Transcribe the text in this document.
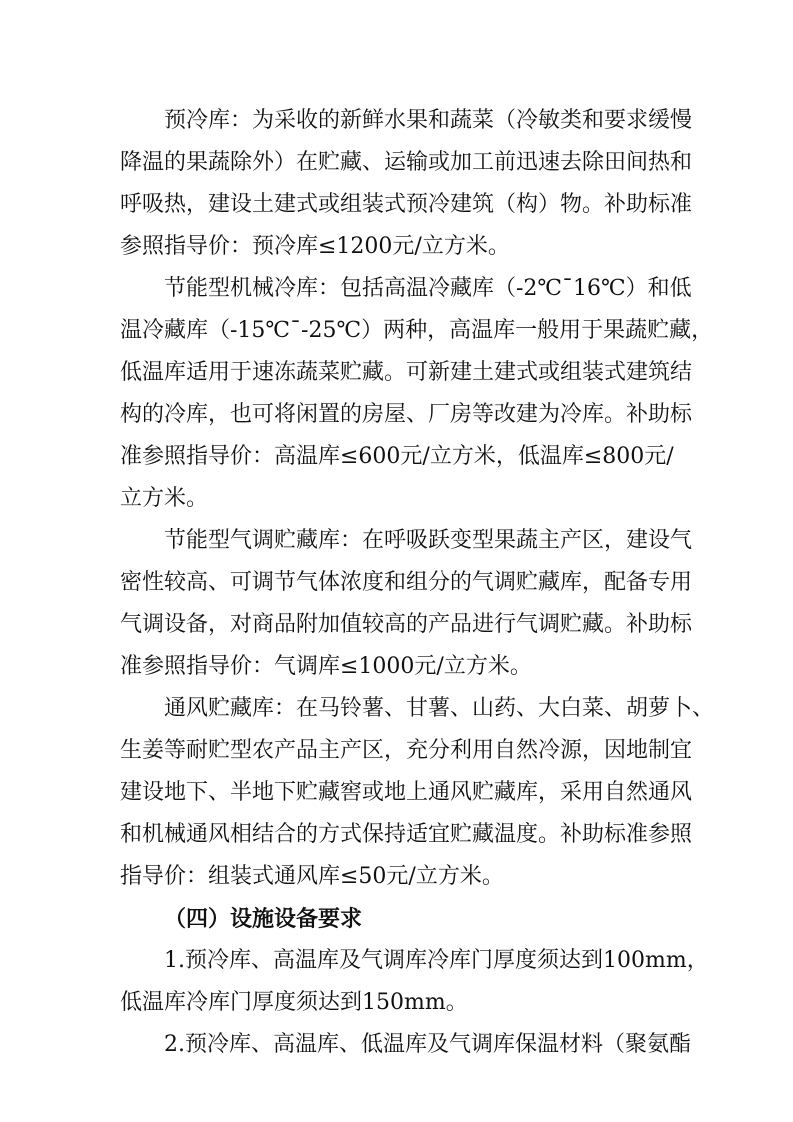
预冷库：为采收的新鲜水果和蔬菜（冷敏类和要求缓慢
降温的果蔬除外）在贮藏、运输或加工前迅速去除田间热和
呼吸热，建设土建式或组装式预冷建筑（构）物。补助标准
参照指导价：预冷库≤1200元/立方米。
节能型机械冷库：包括高温冷藏库（-2℃¯16℃）和低
温冷藏库（-15℃¯-25℃）两种，高温库一般用于果蔬贮藏，
低温库适用于速冻蔬菜贮藏。可新建土建式或组装式建筑结
构的冷库，也可将闲置的房屋、厂房等改建为冷库。补助标
准参照指导价：高温库≤600元/立方米，低温库≤800元/
立方米。
节能型气调贮藏库：在呼吸跃变型果蔬主产区，建设气
密性较高、可调节气体浓度和组分的气调贮藏库，配备专用
气调设备，对商品附加值较高的产品进行气调贮藏。补助标
准参照指导价：气调库≤1000元/立方米。
通风贮藏库：在马铃薯、甘薯、山药、大白菜、胡萝卜、
生姜等耐贮型农产品主产区，充分利用自然冷源，因地制宜
建设地下、半地下贮藏窖或地上通风贮藏库，采用自然通风
和机械通风相结合的方式保持适宜贮藏温度。补助标准参照
指导价：组装式通风库≤50元/立方米。
（四）设施设备要求
1.预冷库、高温库及气调库冷库门厚度须达到100mm，
低温库冷库门厚度须达到150mm。
2.预冷库、高温库、低温库及气调库保温材料（聚氨酯
